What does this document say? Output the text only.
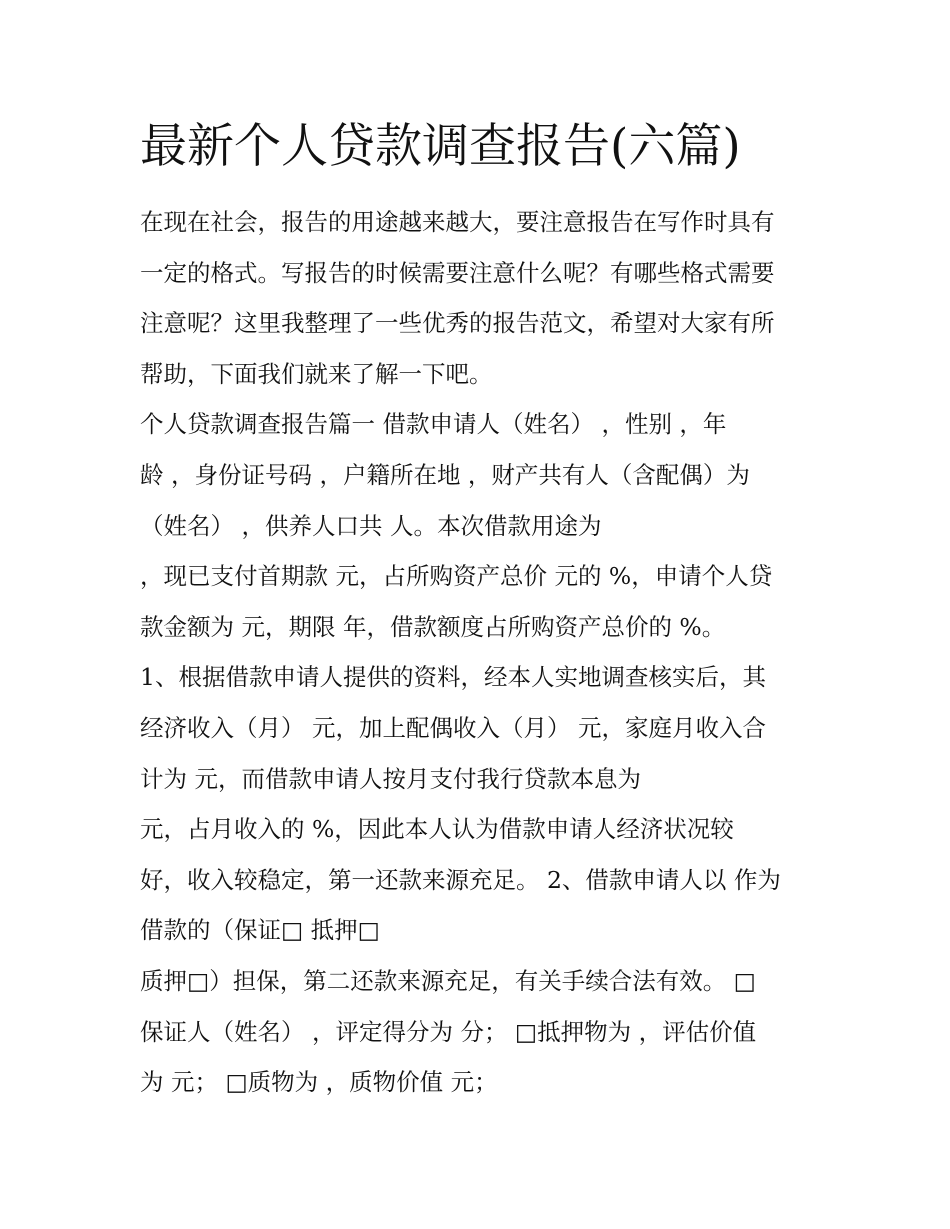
最新个人贷款调查报告(六篇)

在现在社会，报告的用途越来越大，要注意报告在写作时具有

一定的格式。写报告的时候需要注意什么呢？有哪些格式需要

注意呢？这里我整理了一些优秀的报告范文，希望对大家有所

帮助，下面我们就来了解一下吧。

个人贷款调查报告篇一 借款申请人（姓名） ，性别 ，年

龄 ，身份证号码 ，户籍所在地 ，财产共有人（含配偶）为

（姓名） ，供养人口共 人。本次借款用途为

，现已支付首期款 元，占所购资产总价 元的 %，申请个人贷

款金额为 元，期限 年，借款额度占所购资产总价的 %。

1、根据借款申请人提供的资料，经本人实地调查核实后，其

经济收入（月） 元，加上配偶收入（月） 元，家庭月收入合

计为 元，而借款申请人按月支付我行贷款本息为

元，占月收入的 %，因此本人认为借款申请人经济状况较

好，收入较稳定，第一还款来源充足。 2、借款申请人以 作为

借款的（保证□ 抵押□

质押□）担保，第二还款来源充足，有关手续合法有效。 □

保证人（姓名） ，评定得分为 分； □抵押物为 ，评估价值

为 元； □质物为 ，质物价值 元；
